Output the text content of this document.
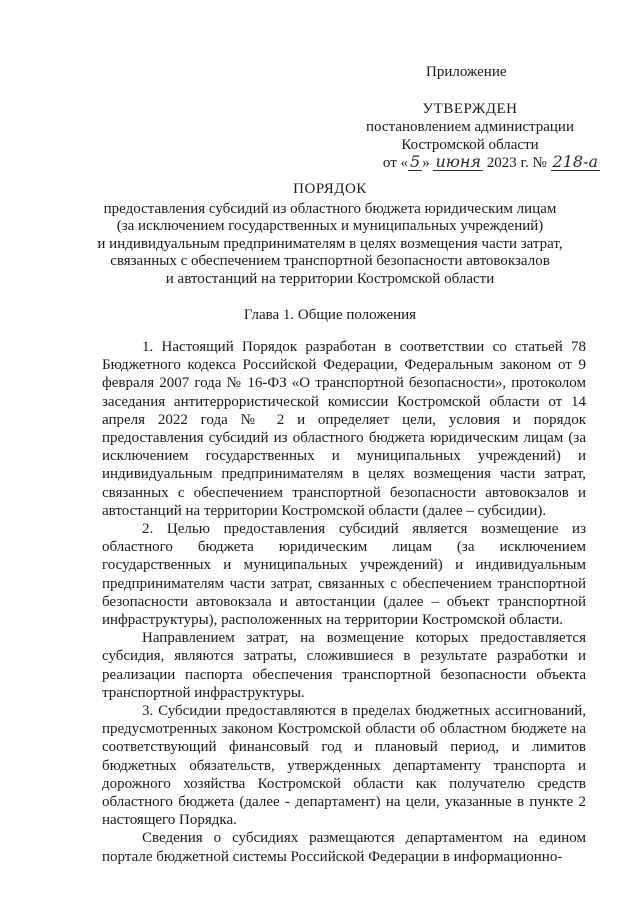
Приложение
УТВЕРЖДЕН
постановлением администрации
Костромской области
от « 5 » июня 2023 г. № 218-а
ПОРЯДОК
предоставления субсидий из областного бюджета юридическим лицам
(за исключением государственных и муниципальных учреждений)
и индивидуальным предпринимателям в целях возмещения части затрат,
связанных с обеспечением транспортной безопасности автовокзалов
и автостанций на территории Костромской области
Глава 1. Общие положения

1. Настоящий Порядок разработан в соответствии со статьей 78 Бюджетного кодекса Российской Федерации, Федеральным законом от 9 февраля 2007 года № 16-ФЗ «О транспортной безопасности», протоколом заседания антитеррористической комиссии Костромской области от 14 апреля 2022 года № 2 и определяет цели, условия и порядок предоставления субсидий из областного бюджета юридическим лицам (за исключением государственных и муниципальных учреждений) и индивидуальным предпринимателям в целях возмещения части затрат, связанных с обеспечением транспортной безопасности автовокзалов и автостанций на территории Костромской области (далее – субсидии).

2. Целью предоставления субсидий является возмещение из областного бюджета юридическим лицам (за исключением государственных и муниципальных учреждений) и индивидуальным предпринимателям части затрат, связанных с обеспечением транспортной безопасности автовокзала и автостанции (далее – объект транспортной инфраструктуры), расположенных на территории Костромской области.

Направлением затрат, на возмещение которых предоставляется субсидия, являются затраты, сложившиеся в результате разработки и реализации паспорта обеспечения транспортной безопасности объекта транспортной инфраструктуры.

3. Субсидии предоставляются в пределах бюджетных ассигнований, предусмотренных законом Костромской области об областном бюджете на соответствующий финансовый год и плановый период, и лимитов бюджетных обязательств, утвержденных департаменту транспорта и дорожного хозяйства Костромской области как получателю средств областного бюджета (далее - департамент) на цели, указанные в пункте 2 настоящего Порядка.

Сведения о субсидиях размещаются департаментом на едином портале бюджетной системы Российской Федерации в информационно-
